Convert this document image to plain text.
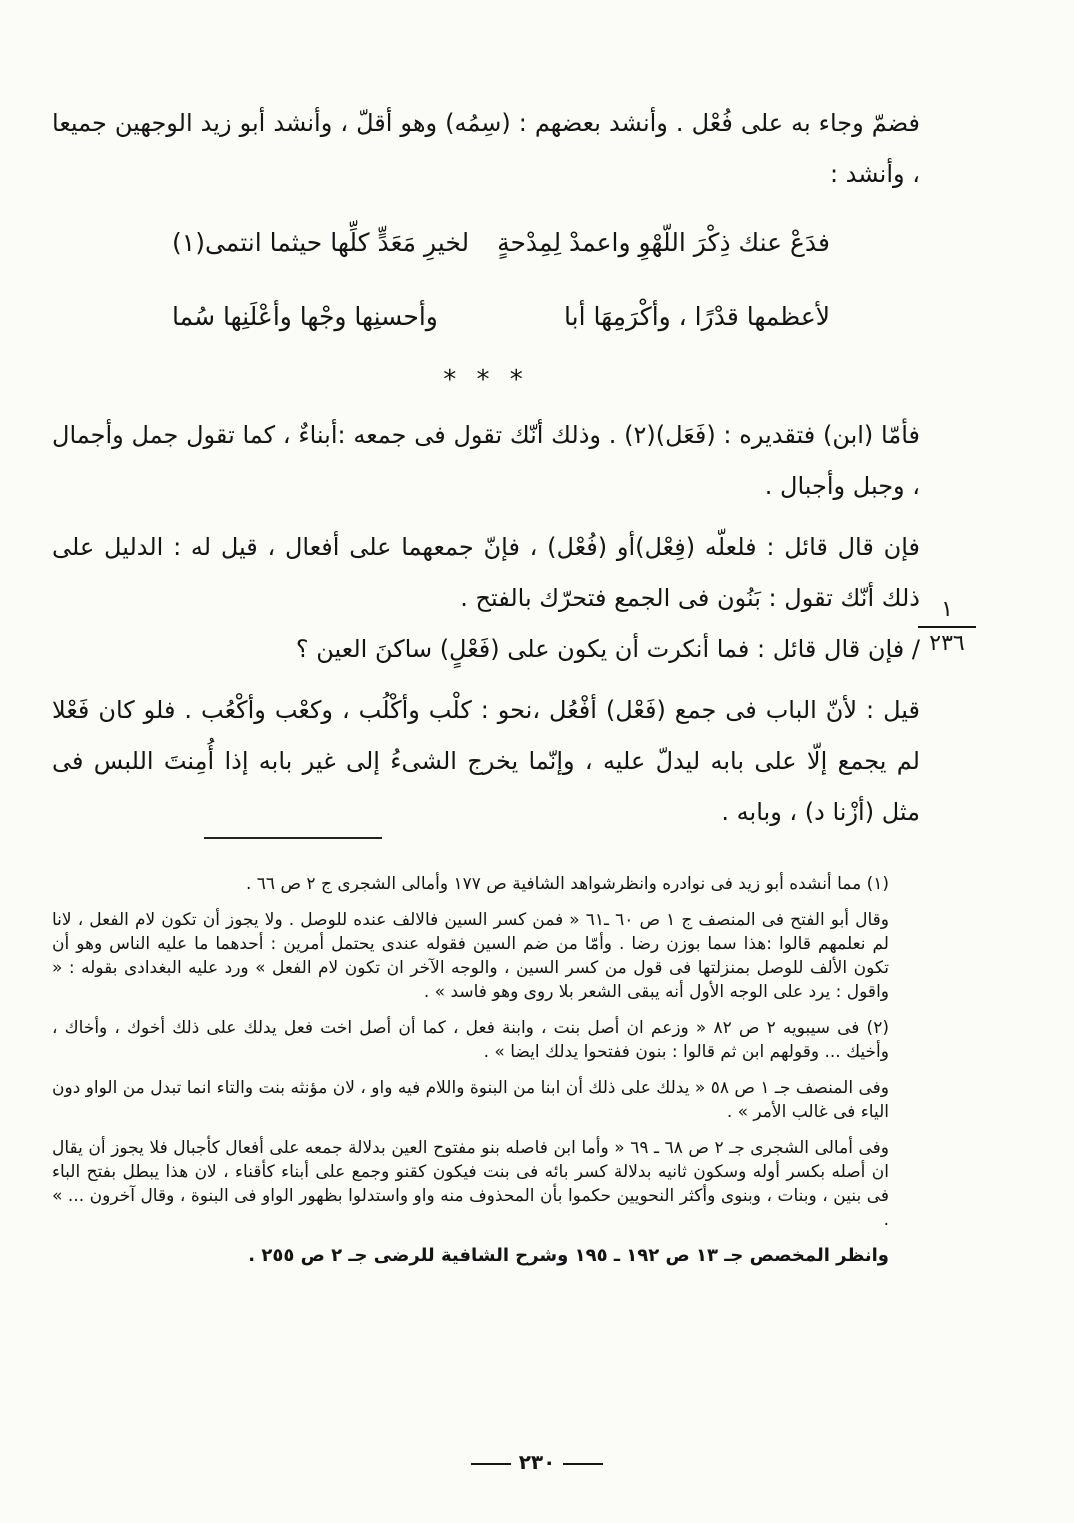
فضمّ وجاء به على فُعْل . وأنشد بعضهم : (سِمُه) وهو أقلّ ، وأنشد أبو زيد الوجهين جميعا ، وأنشد :

فدَعْ عنك ذِكْرَ اللّهْوِ واعمدْ لِمِدْحةٍ
لخيرِ مَعَدٍّ كلِّها حيثما انتمى(١)
لأعظمها قدْرًا ، وأكْرَمِهَا أبا
وأحسنِها وجْها وأعْلَنِها سُما
* * *

فأمّا (ابن) فتقديره : (فَعَل)(٢) . وذلك أنّك تقول فى جمعه :أبناءٌ ، كما تقول جمل وأجمال ، وجبل وأجبال .

فإن قال قائل : فلعلّه (فِعْل)أو (فُعْل) ، فإنّ جمعهما على أفعال ، قيل له : الدليل على ذلك أنّك تقول : بَنُون فى الجمع فتحرّك بالفتح .

/ فإن قال قائل : فما أنكرت أن يكون على (فَعْلٍ) ساكنَ العين ؟

قيل : لأنّ الباب فى جمع (فَعْل) أفْعُل ،نحو : كلْب وأكْلُب ، وكعْب وأكْعُب . فلو كان فَعْلا لم يجمع إلّا على بابه ليدلّ عليه ، وإنّما يخرج الشىءُ إلى غير بابه إذا أُمِنتَ اللبس فى مثل (أزْنا د) ، وبابه .

١
٢٣٦

(١) مما أنشده أبو زيد فى نوادره وانظرشواهد الشافية ص ١٧٧ وأمالى الشجرى ج ٢ ص ٦٦ .

وقال أبو الفتح فى المنصف ج ١ ص ٦٠ ـ٦١ « فمن كسر السين فالالف عنده للوصل . ولا يجوز أن تكون لام الفعل ، لانا لم نعلمهم قالوا :هذا سما بوزن رضا . وأمّا من ضم السين فقوله عندى يحتمل أمرين : أحدهما ما عليه الناس وهو أن تكون الألف للوصل بمنزلتها فى قول من كسر السين ، والوجه الآخر ان تكون لام الفعل » ورد عليه البغدادى بقوله : « واقول : يرد على الوجه الأول أنه يبقى الشعر بلا روى وهو فاسد » .

(٢) فى سيبويه ٢ ص ٨٢ « وزعم ان أصل بنت ، وابنة فعل ، كما أن أصل اخت فعل يدلك على ذلك أخوك ، وأخاك ، وأخيك ... وقولهم ابن ثم قالوا : بنون ففتحوا يدلك ايضا » .

وفى المنصف جـ ١ ص ٥٨ « يدلك على ذلك أن ابنا من البنوة واللام فيه واو ، لان مؤنثه بنت والتاء انما تبدل من الواو دون الياء فى غالب الأمر » .

وفى أمالى الشجرى جـ ٢ ص ٦٨ ـ ٦٩ « وأما ابن فاصله بنو مفتوح العين بدلالة جمعه على أفعال كأجبال فلا يجوز أن يقال ان أصله بكسر أوله وسكون ثانيه بدلالة كسر بائه فى بنت فيكون كقنو وجمع على أبناء كأقناء ، لان هذا يبطل بفتح الباء فى بنين ، وبنات ، وبنوى وأكثر النحويين حكموا بأن المحذوف منه واو واستدلوا بظهور الواو فى البنوة ، وقال آخرون ... » .

وانظر المخصص جـ ١٣ ص ١٩٢ ـ ١٩٥ وشرح الشافية للرضى جـ ٢ ص ٢٥٥ .

٢٣٠
